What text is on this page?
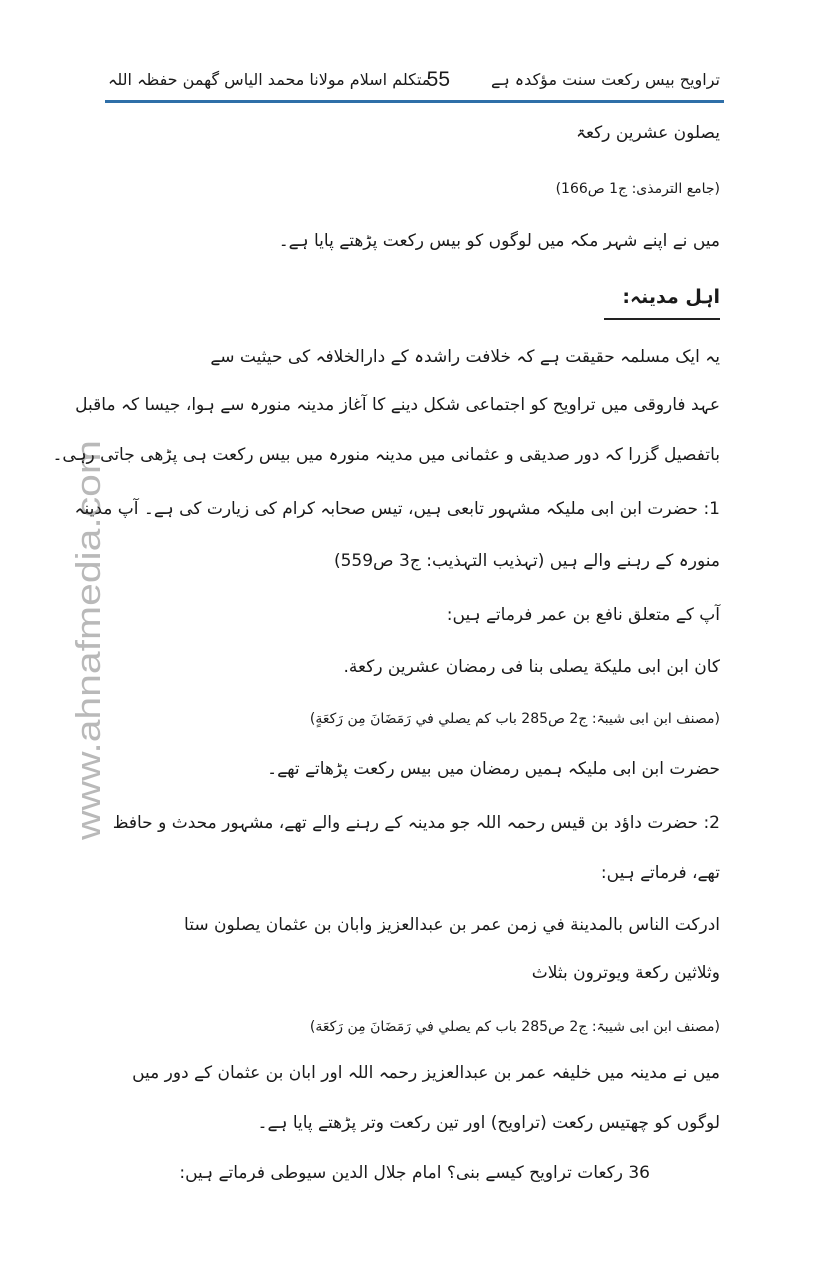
www.ahnafmedia.com
تراویح بیس رکعت سنت مؤکدہ ہے
55
متکلم اسلام مولانا محمد الیاس گھمن حفظہ اللہ
یصلون عشرین رکعۃ
(جامع الترمذی: ج1 ص166)
میں نے اپنے شہر مکہ میں لوگوں کو بیس رکعت پڑھتے پایا ہے۔
اہل مدینہ:
یہ ایک مسلمہ حقیقت ہے کہ خلافت راشدہ کے دارالخلافہ کی حیثیت سے
عہد فاروقی میں تراویح کو اجتماعی شکل دینے کا آغاز مدینہ منورہ سے ہوا، جیسا کہ ماقبل
باتفصیل گزرا کہ دور صدیقی و عثمانی میں مدینہ منورہ میں بیس رکعت ہی پڑھی جاتی رہی۔
1: حضرت ابن ابی ملیکہ مشہور تابعی ہیں، تیس صحابہ کرام کی زیارت کی ہے۔ آپ مدینہ
منورہ کے رہنے والے ہیں (تہذیب التہذیب: ج3 ص559)
آپ کے متعلق نافع بن عمر فرماتے ہیں:
كان ابن ابی ملیكة يصلی بنا فی رمضان عشرين ركعة.
(مصنف ابن ابی شیبۃ: ج2 ص285 باب كم يصلي في رَمَضَانَ مِن رَكعَةٍ)
حضرت ابن ابی ملیکہ ہمیں رمضان میں بیس رکعت پڑھاتے تھے۔
2: حضرت داؤد بن قیس رحمہ اللہ جو مدینہ کے رہنے والے تھے، مشہور محدث و حافظ
تھے، فرماتے ہیں:
ادركت الناس بالمدينة في زمن عمر بن عبدالعزيز وابان بن عثمان يصلون ستا
وثلاثين ركعة ويوترون بثلاث
(مصنف ابن ابی شیبۃ: ج2 ص285 باب كم يصلي في رَمَضَانَ مِن رَكعَة)
میں نے مدینہ میں خلیفہ عمر بن عبدالعزیز رحمہ اللہ اور ابان بن عثمان کے دور میں
لوگوں کو چھتیس رکعت (تراویح) اور تین رکعت وتر پڑھتے پایا ہے۔
36 رکعات تراویح کیسے بنی؟ امام جلال الدین سیوطی فرماتے ہیں:
